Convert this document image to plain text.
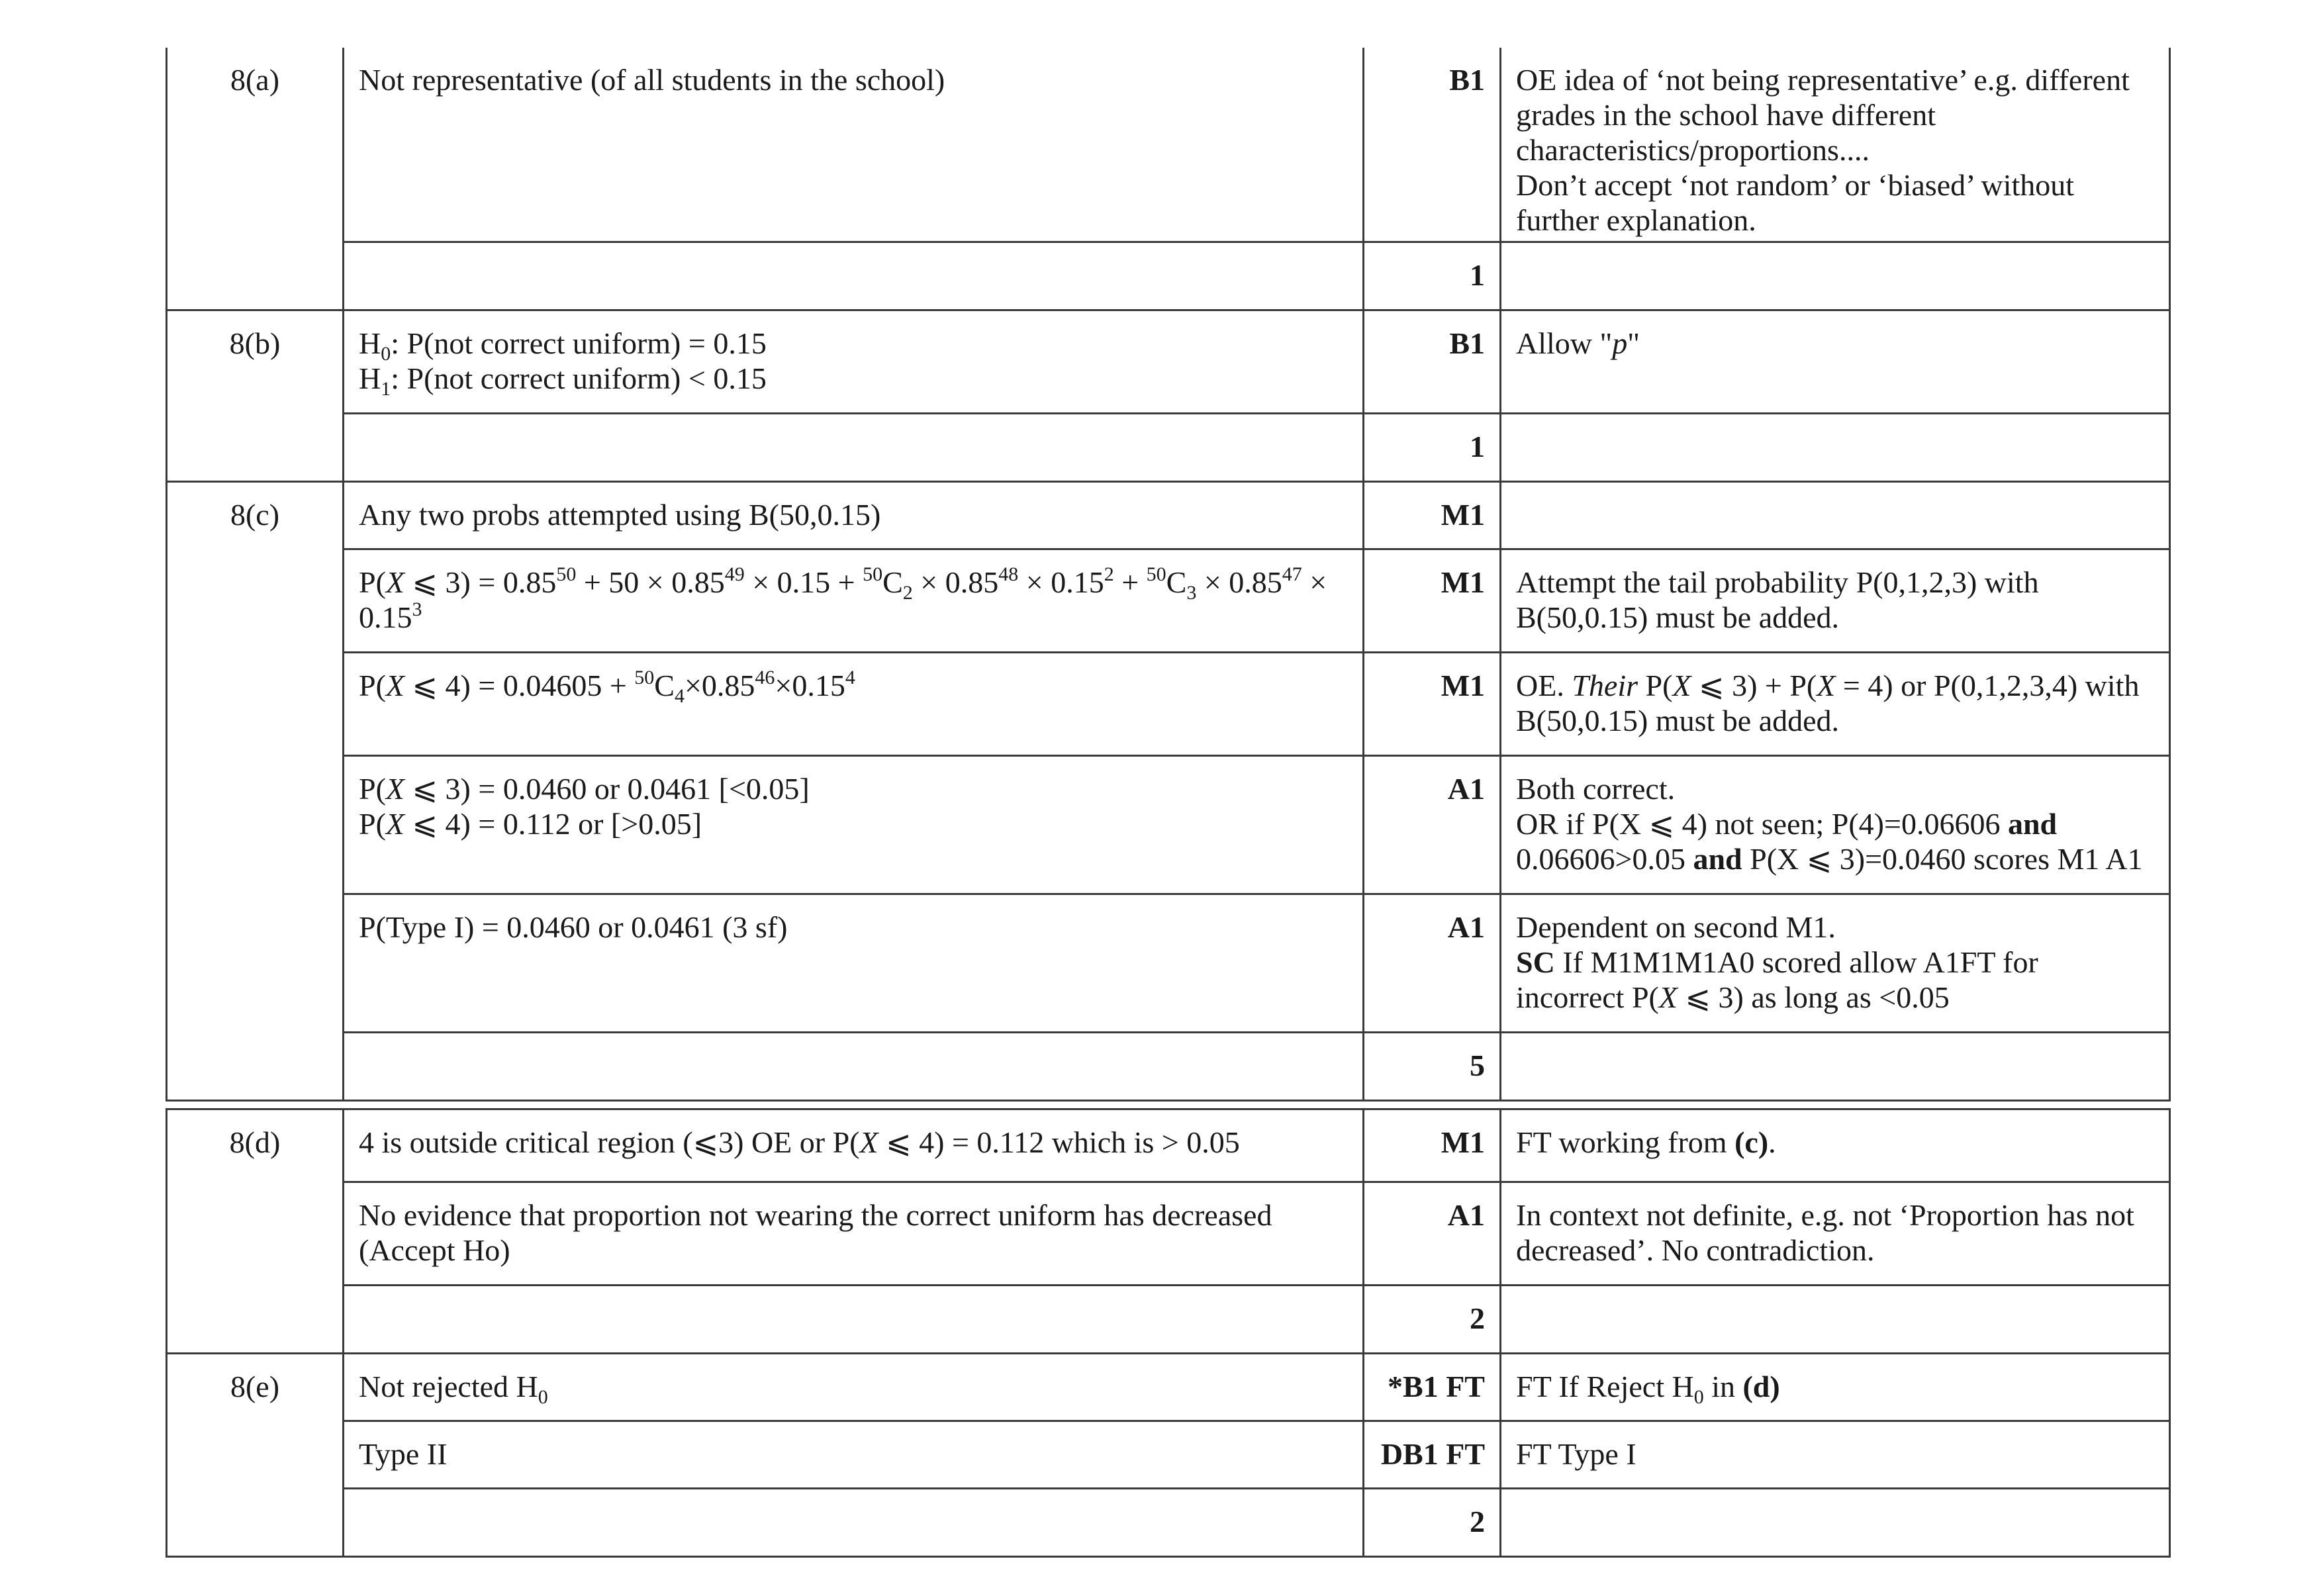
8(a)	Not representative (of all students in the school)	B1	OE idea of ‘not being representative’ e.g. different grades in the school have different characteristics/proportions....
Don’t accept ‘not random’ or ‘biased’ without further explanation.

		1	
8(b)	$H_0$: P(not correct uniform) = 0.15
$H_1$: P(not correct uniform) < 0.15	B1	Allow "p"
		1	
8(c)	Any two probs attempted using B(50,0.15)	M1	
	P(X ⩽ $3) = 0.85^{50} + 50 \times 0.85^{49} \times 0.15 + ^{50}C_2 \times 0.85^{48} \times 0.15^2 + ^{50}C_3 \times 0.85^{47} \times 0.15^3$	M1	Attempt the tail probability P(0,1,2,3) with B(50,0.15) must be added.
	P(X ⩽ $4) = 0.04605 + ^{50}C_4\times 0.85^{46}\times 0.15^4$	M1	OE. Their P(X ⩽ 3) + P(X = 4) or P(0,1,2,3,4) with B(50,0.15) must be added.

	P(X ⩽ 3) = 0.0460 or 0.0461 [<0.05]
P(X ⩽ 4) = 0.112 or [>0.05]	A1	Both correct.
OR if P(X ⩽ 4) not seen; P(4)=0.06606 and
0.06606>0.05 and P(X ⩽ 3)=0.0460 scores M1 A1

	P(Type I) = 0.0460 or 0.0461 (3 sf)	A1	Dependent on second M1.
SC If M1M1M1A0 scored allow A1FT for
incorrect P(X ⩽ 3) as long as <0.05

		5	
8(d)	4 is outside critical region (⩽3) OE or P(X ⩽ 4) = 0.112 which is > 0.05	M1	FT working from (c).
	No evidence that proportion not wearing the correct uniform has decreased (Accept Ho)	A1	In context not definite, e.g. not ‘Proportion has not decreased’. No contradiction.
		2	
8(e)	Not rejected $H_0$	*B1 FT	FT If Reject $H_0$ in (d)
	Type II	DB1 FT	FT Type I
		2	
